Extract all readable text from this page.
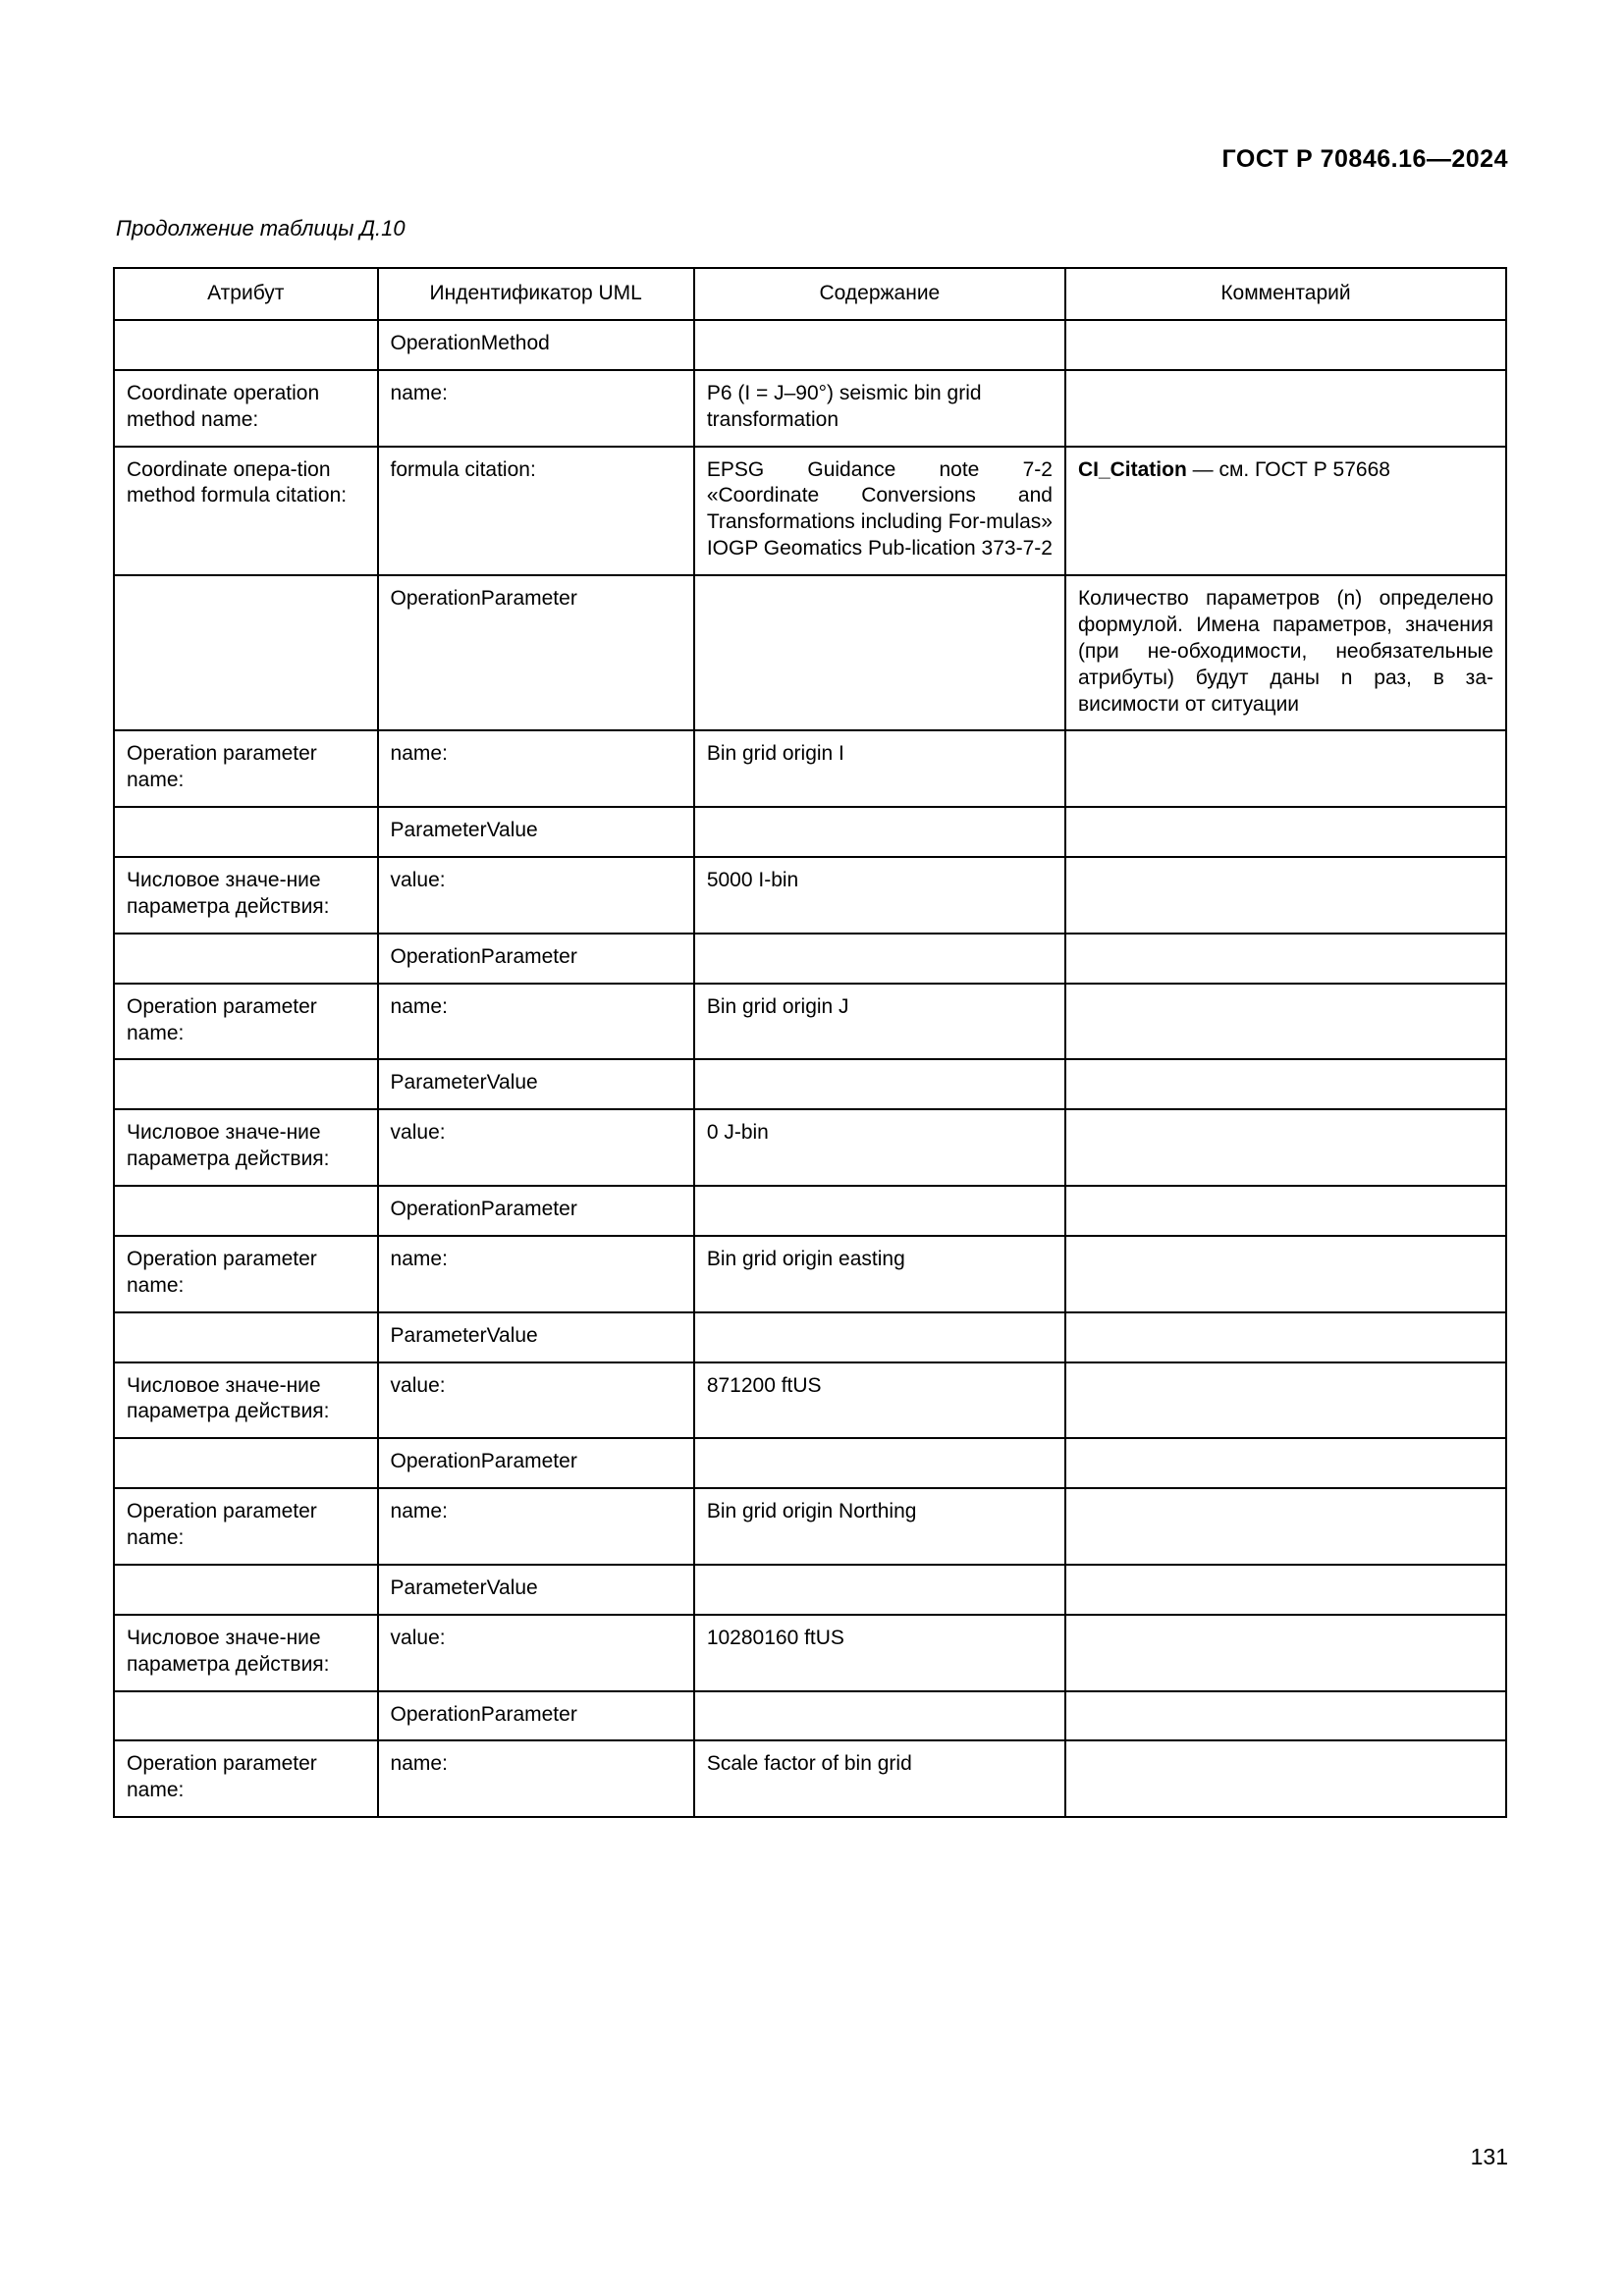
ГОСТ Р 70846.16—2024
Продолжение таблицы Д.10
Атрибут	Индентификатор UML	Содержание	Комментарий
	OperationMethod		
Coordinate operation method name:	name:	P6 (I = J–90°) seismic bin grid transformation	
Coordinate опера-tion method formula citation:	formula citation:	EPSG Guidance note 7-2 «Coordinate Conversions and Transformations including For-mulas» IOGP Geomatics Pub-lication 373-7-2	CI_Citation — см. ГОСТ Р 57668
	OperationParameter		Количество параметров (n) определено формулой. Имена параметров, значения (при не-обходимости, необязательные атрибуты) будут даны n раз, в за-висимости от ситуации
Operation parameter name:	name:	Bin grid origin I	
	ParameterValue		
Числовое значе-ние параметра действия:	value:	5000 I-bin	
	OperationParameter		
Operation parameter name:	name:	Bin grid origin J	
	ParameterValue		
Числовое значе-ние параметра действия:	value:	0 J-bin	
	OperationParameter		
Operation parameter name:	name:	Bin grid origin easting	
	ParameterValue		
Числовое значе-ние параметра действия:	value:	871200 ftUS	
	OperationParameter		
Operation parameter name:	name:	Bin grid origin Northing	
	ParameterValue		
Числовое значе-ние параметра действия:	value:	10280160 ftUS	
	OperationParameter		
Operation parameter name:	name:	Scale factor of bin grid	
131
